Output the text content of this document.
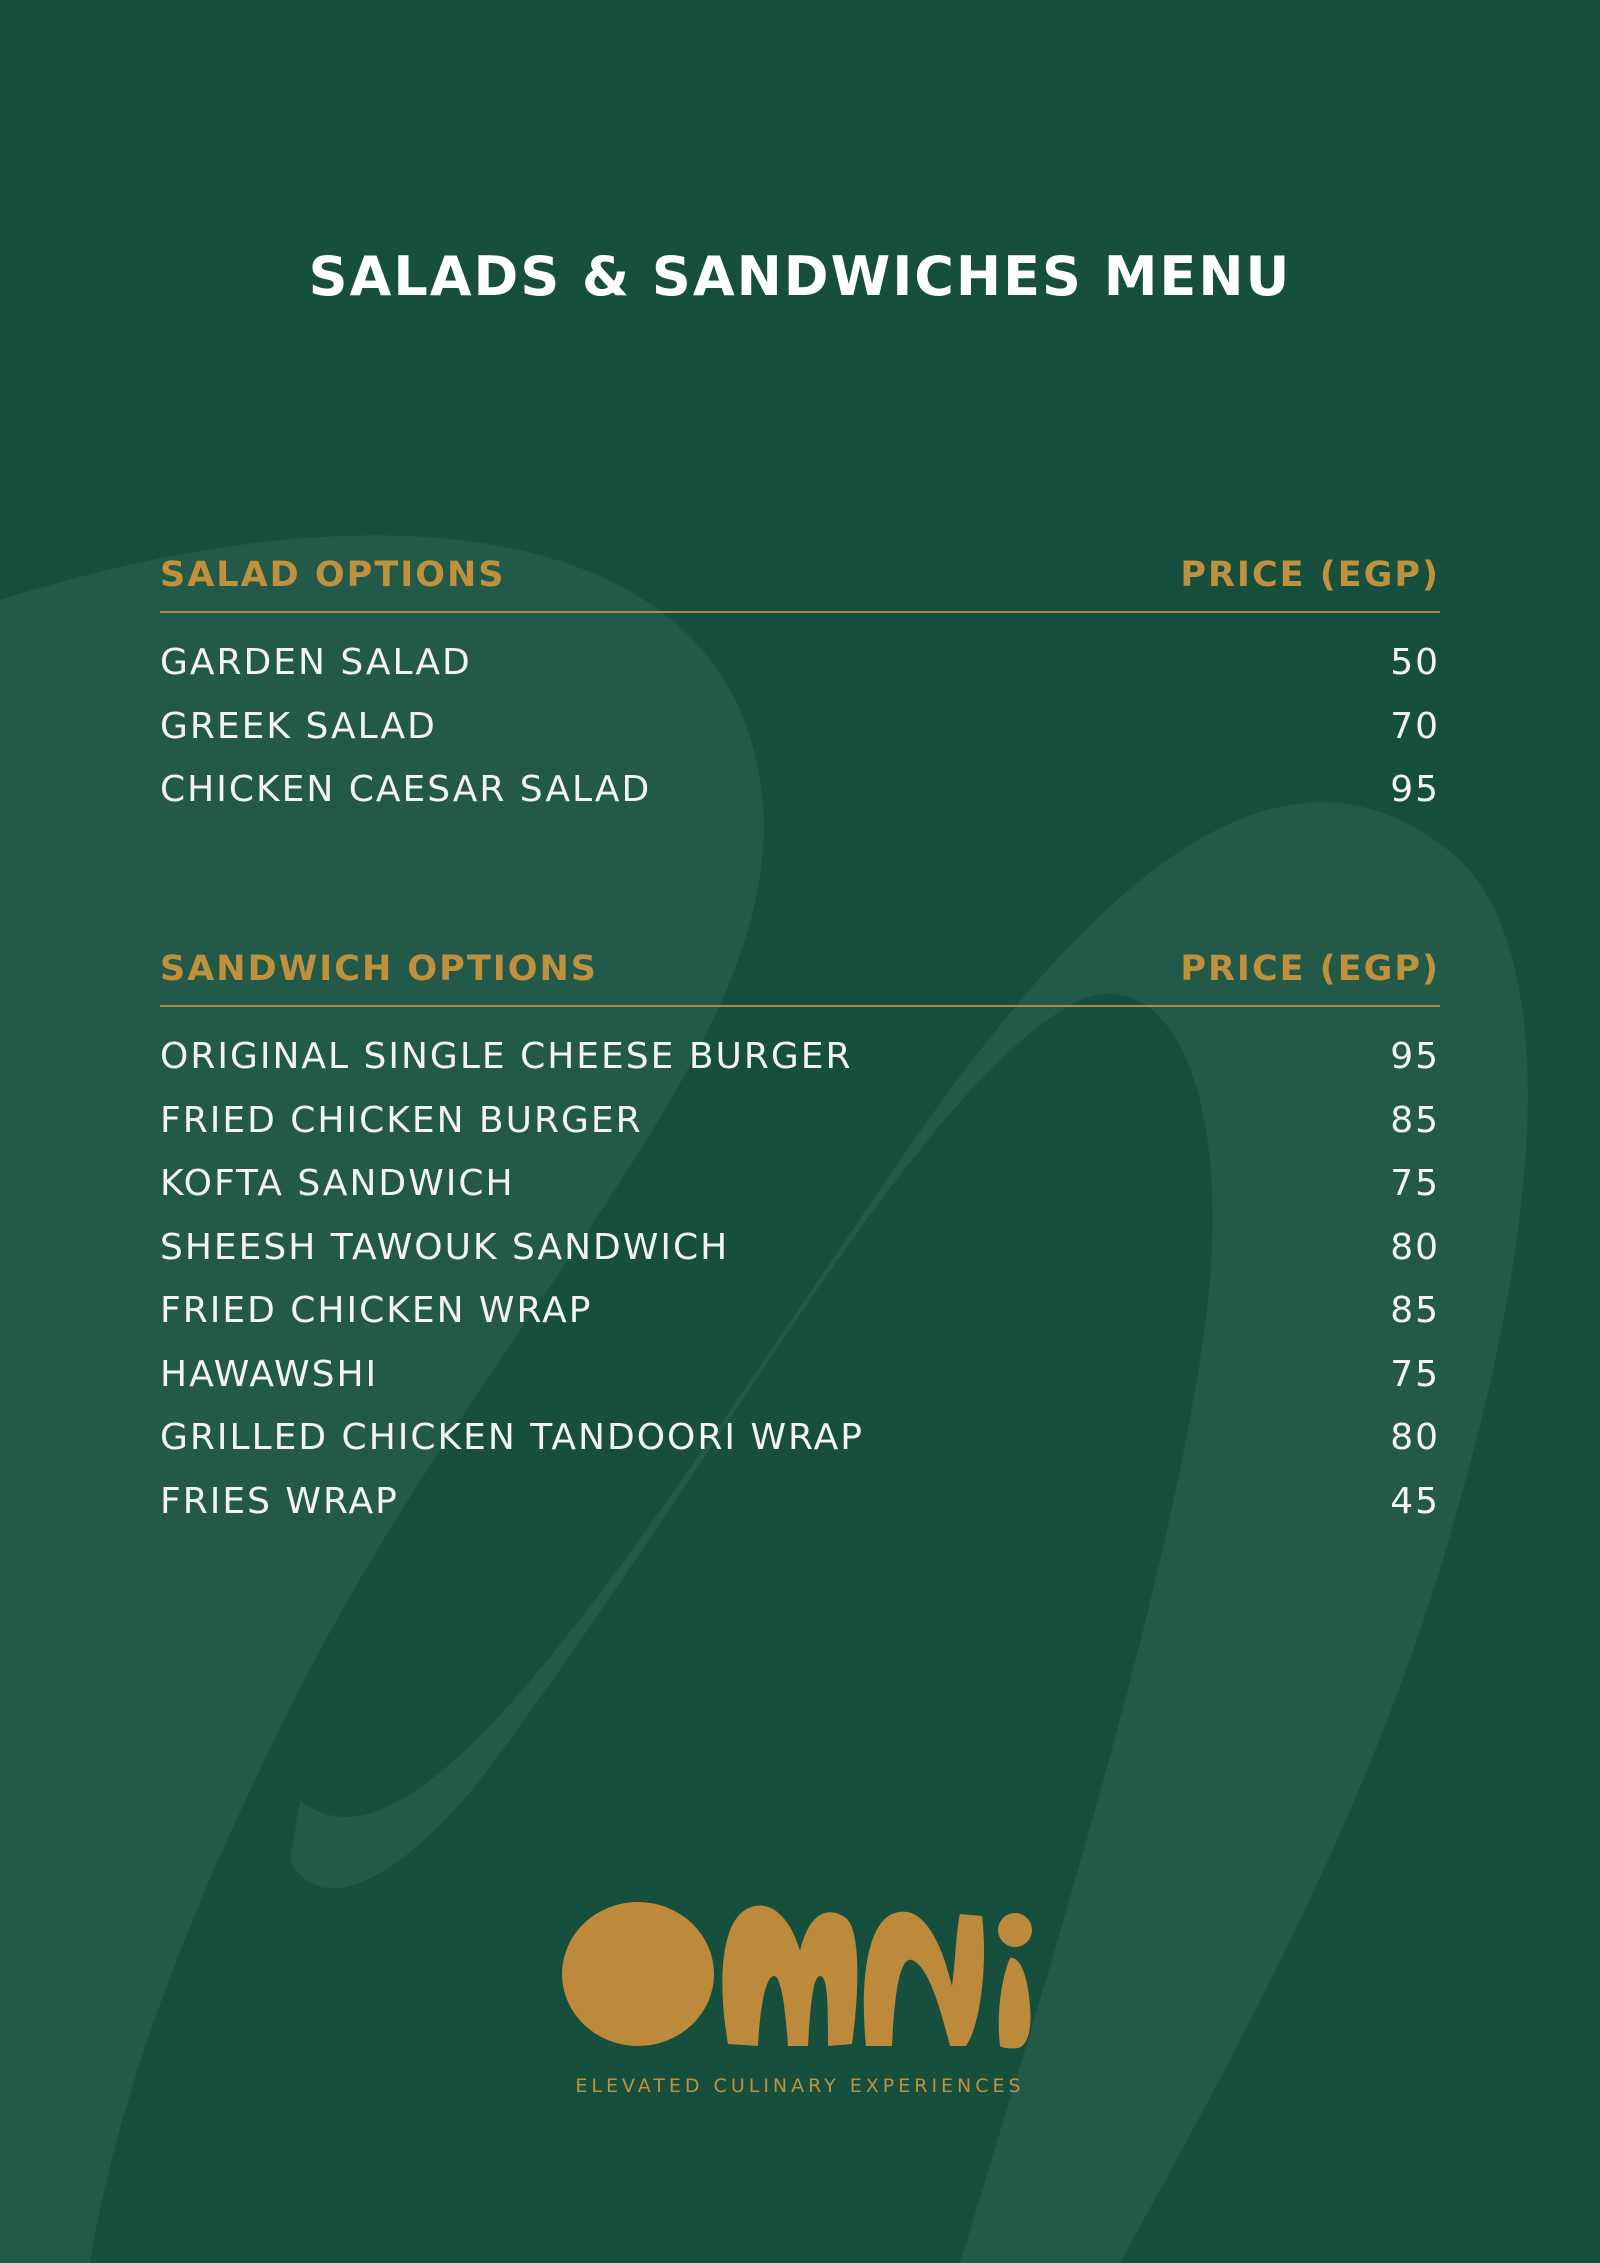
SALADS & SANDWICHES MENU
SALAD OPTIONS	PRICE (EGP)
GARDEN SALAD	50
GREEK SALAD	70
CHICKEN CAESAR SALAD	95
SANDWICH OPTIONS	PRICE (EGP)
ORIGINAL SINGLE CHEESE BURGER	95
FRIED CHICKEN BURGER	85
KOFTA SANDWICH	75
SHEESH TAWOUK SANDWICH	80
FRIED CHICKEN WRAP	85
HAWAWSHI	75
GRILLED CHICKEN TANDOORI WRAP	80
FRIES WRAP	45
ELEVATED CULINARY EXPERIENCES
